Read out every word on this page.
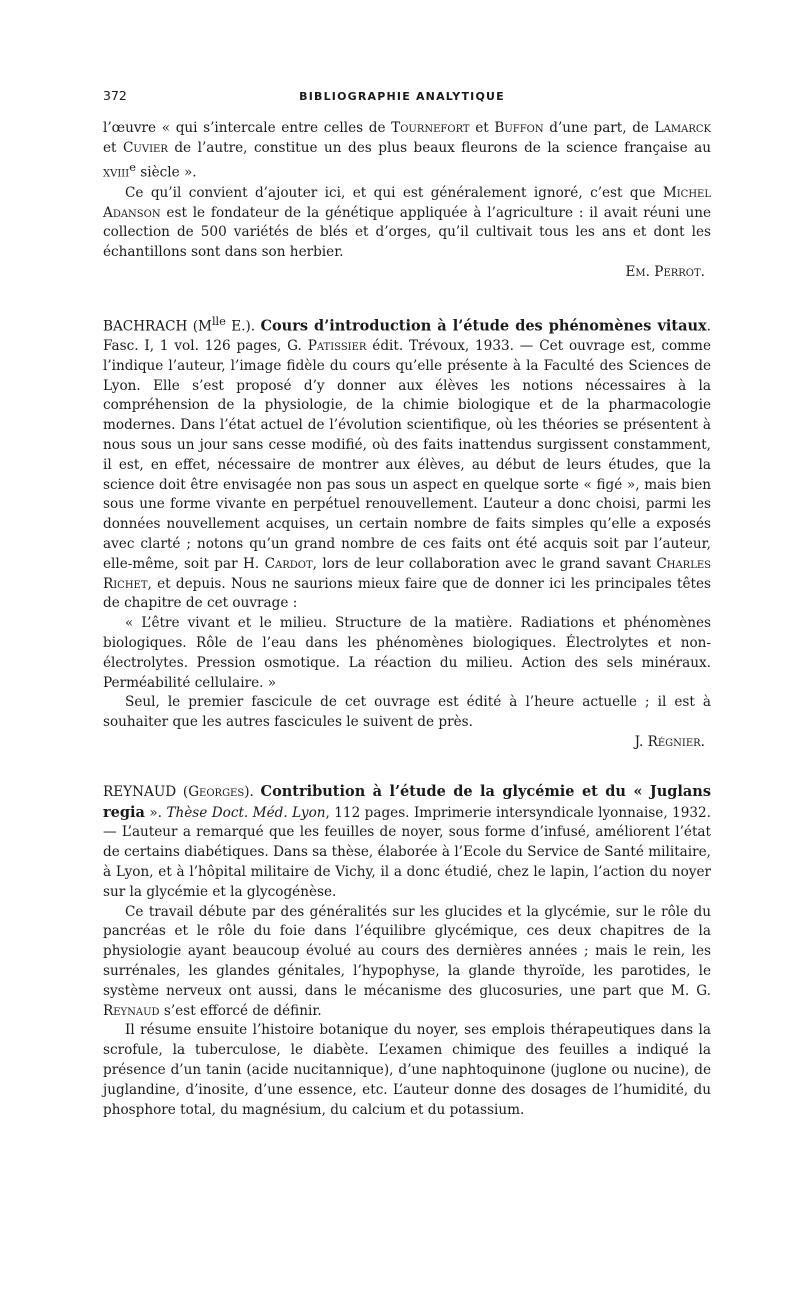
372	BIBLIOGRAPHIE ANALYTIQUE

l’œuvre « qui s’intercale entre celles de Tournefort et Buffon d’une part, de Lamarck et Cuvier de l’autre, constitue un des plus beaux fleurons de la science française au xviii$^e$ siècle ».

Ce qu’il convient d’ajouter ici, et qui est généralement ignoré, c’est que Michel Adanson est le fondateur de la génétique appliquée à l’agriculture : il avait réuni une collection de 500 variétés de blés et d’orges, qu’il cultivait tous les ans et dont les échantillons sont dans son herbier.

Em. Perrot.

BACHRACH ($M^{lle}$ E.). Cours d’introduction à l’étude des phénomènes vitaux. Fasc. I, 1 vol. 126 pages, G. Patissier édit. Trévoux, 1933. — Cet ouvrage est, comme l’indique l’auteur, l’image fidèle du cours qu’elle présente à la Faculté des Sciences de Lyon. Elle s’est proposé d’y donner aux élèves les notions nécessaires à la compréhension de la physiologie, de la chimie biologique et de la pharmacologie modernes. Dans l’état actuel de l’évolution scientifique, où les théories se présentent à nous sous un jour sans cesse modifié, où des faits inattendus surgissent constamment, il est, en effet, nécessaire de montrer aux élèves, au début de leurs études, que la science doit être envisagée non pas sous un aspect en quelque sorte « figé », mais bien sous une forme vivante en perpétuel renouvellement. L’auteur a donc choisi, parmi les données nouvellement acquises, un certain nombre de faits simples qu’elle a exposés avec clarté ; notons qu’un grand nombre de ces faits ont été acquis soit par l’auteur, elle-même, soit par H. Cardot, lors de leur collaboration avec le grand savant Charles Richet, et depuis. Nous ne saurions mieux faire que de donner ici les principales têtes de chapitre de cet ouvrage :

« L’être vivant et le milieu. Structure de la matière. Radiations et phénomènes biologiques. Rôle de l’eau dans les phénomènes biologiques. Électrolytes et non-électrolytes. Pression osmotique. La réaction du milieu. Action des sels minéraux. Perméabilité cellulaire. »

Seul, le premier fascicule de cet ouvrage est édité à l’heure actuelle ; il est à souhaiter que les autres fascicules le suivent de près.

J. Régnier.

REYNAUD (Georges). Contribution à l’étude de la glycémie et du « Juglans regia ». Thèse Doct. Méd. Lyon, 112 pages. Imprimerie intersyndicale lyonnaise, 1932. — L’auteur a remarqué que les feuilles de noyer, sous forme d’infusé, améliorent l’état de certains diabétiques. Dans sa thèse, élaborée à l’Ecole du Service de Santé militaire, à Lyon, et à l’hôpital militaire de Vichy, il a donc étudié, chez le lapin, l’action du noyer sur la glycémie et la glycogénèse.

Ce travail débute par des généralités sur les glucides et la glycémie, sur le rôle du pancréas et le rôle du foie dans l’équilibre glycémique, ces deux chapitres de la physiologie ayant beaucoup évolué au cours des dernières années ; mais le rein, les surrénales, les glandes génitales, l’hypophyse, la glande thyroïde, les parotides, le système nerveux ont aussi, dans le mécanisme des glucosuries, une part que M. G. Reynaud s’est efforcé de définir.

Il résume ensuite l’histoire botanique du noyer, ses emplois thérapeutiques dans la scrofule, la tuberculose, le diabète. L’examen chimique des feuilles a indiqué la présence d’un tanin (acide nucitannique), d’une naphtoquinone (juglone ou nucine), de juglandine, d’inosite, d’une essence, etc. L’auteur donne des dosages de l’humidité, du phosphore total, du magnésium, du calcium et du potassium.
